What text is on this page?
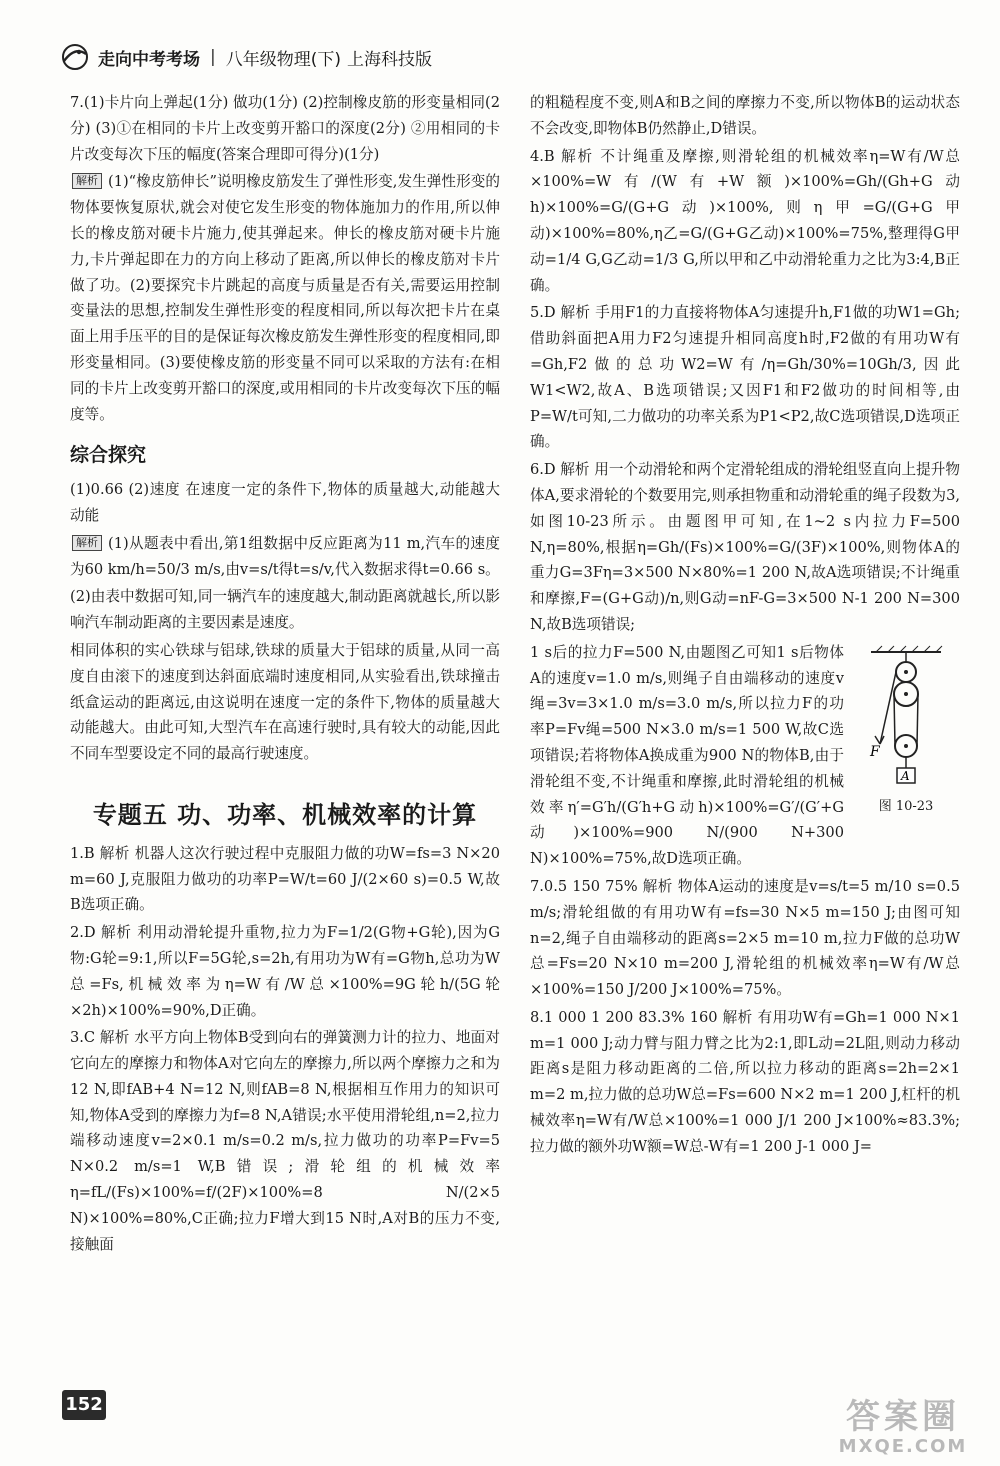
走向中考考场 | 八年级物理(下) 上海科技版
7.(1)卡片向上弹起(1分) 做功(1分) (2)控制橡皮筋的形变量相同(2分) (3)①在相同的卡片上改变剪开豁口的深度(2分) ②用相同的卡片改变每次下压的幅度(答案合理即可得分)(1分)
解析 (1)“橡皮筋伸长”说明橡皮筋发生了弹性形变,发生弹性形变的物体要恢复原状,就会对使它发生形变的物体施加力的作用,所以伸长的橡皮筋对硬卡片施力,使其弹起来。伸长的橡皮筋对硬卡片施力,卡片弹起即在力的方向上移动了距离,所以伸长的橡皮筋对卡片做了功。(2)要探究卡片跳起的高度与质量是否有关,需要运用控制变量法的思想,控制发生弹性形变的程度相同,所以每次把卡片在桌面上用手压平的目的是保证每次橡皮筋发生弹性形变的程度相同,即形变量相同。(3)要使橡皮筋的形变量不同可以采取的方法有:在相同的卡片上改变剪开豁口的深度,或用相同的卡片改变每次下压的幅度等。
综合探究
(1)0.66 (2)速度 在速度一定的条件下,物体的质量越大,动能越大 动能
解析 (1)从题表中看出,第1组数据中反应距离为11 m,汽车的速度为60 km/h=50/3 m/s,由v=s/t得t=s/v,代入数据求得t=0.66 s。
(2)由表中数据可知,同一辆汽车的速度越大,制动距离就越长,所以影响汽车制动距离的主要因素是速度。
相同体积的实心铁球与铝球,铁球的质量大于铝球的质量,从同一高度自由滚下的速度到达斜面底端时速度相同,从实验看出,铁球撞击纸盒运动的距离远,由这说明在速度一定的条件下,物体的质量越大动能越大。由此可知,大型汽车在高速行驶时,具有较大的动能,因此不同车型要设定不同的最高行驶速度。
专题五 功、功率、机械效率的计算
1.B 解析 机器人这次行驶过程中克服阻力做的功W=fs=3 N×20 m=60 J,克服阻力做功的功率P=W/t=60 J/(2×60 s)=0.5 W,故B选项正确。
2.D 解析 利用动滑轮提升重物,拉力为F=1/2(G物+G轮),因为G物:G轮=9:1,所以F=5G轮,s=2h,有用功为W有=G物h,总功为W总=Fs,机械效率为η=W有/W总×100%=9G轮h/(5G轮×2h)×100%=90%,D正确。
3.C 解析 水平方向上物体B受到向右的弹簧测力计的拉力、地面对它向左的摩擦力和物体A对它向左的摩擦力,所以两个摩擦力之和为12 N,即fAB+4 N=12 N,则fAB=8 N,根据相互作用力的知识可知,物体A受到的摩擦力为f=8 N,A错误;水平使用滑轮组,n=2,拉力端移动速度v=2×0.1 m/s=0.2 m/s,拉力做功的功率P=Fv=5 N×0.2 m/s=1 W,B错误;滑轮组的机械效率η=fL/(Fs)×100%=f/(2F)×100%=8 N/(2×5 N)×100%=80%,C正确;拉力F增大到15 N时,A对B的压力不变,接触面
的粗糙程度不变,则A和B之间的摩擦力不变,所以物体B的运动状态不会改变,即物体B仍然静止,D错误。
4.B 解析 不计绳重及摩擦,则滑轮组的机械效率η=W有/W总×100%=W有/(W有+W额)×100%=Gh/(Gh+G动h)×100%=G/(G+G动)×100%,则η甲=G/(G+G甲动)×100%=80%,η乙=G/(G+G乙动)×100%=75%,整理得G甲动=1/4 G,G乙动=1/3 G,所以甲和乙中动滑轮重力之比为3:4,B正确。
5.D 解析 手用F1的力直接将物体A匀速提升h,F1做的功W1=Gh;借助斜面把A用力F2匀速提升相同高度h时,F2做的有用功W有=Gh,F2做的总功W2=W有/η=Gh/30%=10Gh/3,因此W1<W2,故A、B选项错误;又因F1和F2做功的时间相等,由P=W/t可知,二力做功的功率关系为P1<P2,故C选项错误,D选项正确。
6.D 解析 用一个动滑轮和两个定滑轮组成的滑轮组竖直向上提升物体A,要求滑轮的个数要用完,则承担物重和动滑轮重的绳子段数为3,如图10-23所示。由题图甲可知,在1~2 s内拉力F=500 N,η=80%,根据η=Gh/(Fs)×100%=G/(3F)×100%,则物体A的重力G=3Fη=3×500 N×80%=1 200 N,故A选项错误;不计绳重和摩擦,F=(G+G动)/n,则G动=nF-G=3×500 N-1 200 N=300 N,故B选项错误;
F
A
图 10-23
1 s后的拉力F=500 N,由题图乙可知1 s后物体A的速度v=1.0 m/s,则绳子自由端移动的速度v绳=3v=3×1.0 m/s=3.0 m/s,所以拉力F的功率P=Fv绳=500 N×3.0 m/s=1 500 W,故C选项错误;若将物体A换成重为900 N的物体B,由于滑轮组不变,不计绳重和摩擦,此时滑轮组的机械效率η′=G′h/(G′h+G动h)×100%=G′/(G′+G动)×100%=900 N/(900 N+300 N)×100%=75%,故D选项正确。
7.0.5 150 75% 解析 物体A运动的速度是v=s/t=5 m/10 s=0.5 m/s;滑轮组做的有用功W有=fs=30 N×5 m=150 J;由图可知n=2,绳子自由端移动的距离s=2×5 m=10 m,拉力F做的总功W总=Fs=20 N×10 m=200 J,滑轮组的机械效率η=W有/W总×100%=150 J/200 J×100%=75%。
8.1 000 1 200 83.3% 160 解析 有用功W有=Gh=1 000 N×1 m=1 000 J;动力臂与阻力臂之比为2:1,即L动=2L阻,则动力移动距离s是阻力移动距离的二倍,所以拉力移动的距离s=2h=2×1 m=2 m,拉力做的总功W总=Fs=600 N×2 m=1 200 J,杠杆的机械效率η=W有/W总×100%=1 000 J/1 200 J×100%≈83.3%;拉力做的额外功W额=W总-W有=1 200 J-1 000 J=
152	答案圈
MXQE.COM
